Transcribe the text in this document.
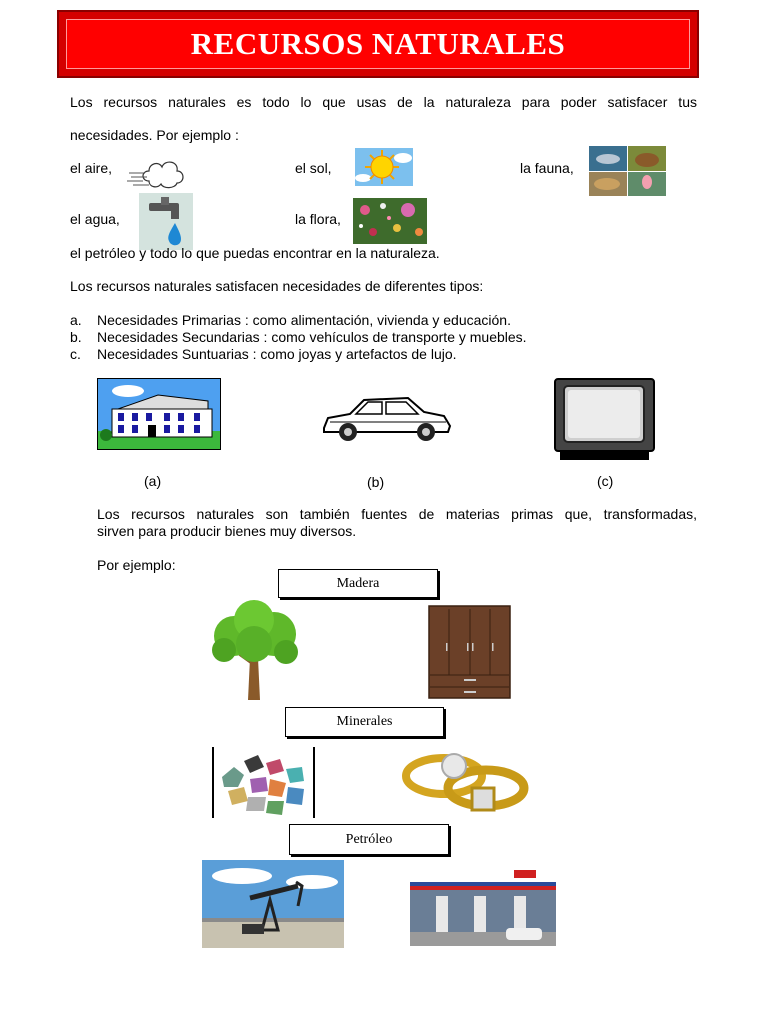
RECURSOS NATURALES
Los recursos naturales es todo lo que usas de la naturaleza para poder satisfacer tus
necesidades. Por ejemplo :
el aire,	el sol,	la fauna,
el agua,	la flora,
el petróleo y todo lo que puedas encontrar en la naturaleza.
Los recursos naturales satisfacen necesidades de diferentes tipos:
a. Necesidades Primarias : como alimentación, vivienda y educación.
b. Necesidades Secundarias : como vehículos de transporte y muebles.
c. Necesidades Suntuarias : como joyas y artefactos de lujo.
(a)	(b)	(c)
Los recursos naturales son también fuentes de materias primas que, transformadas,
sirven para producir bienes muy diversos.
Por ejemplo:
Madera
Minerales
Petróleo
